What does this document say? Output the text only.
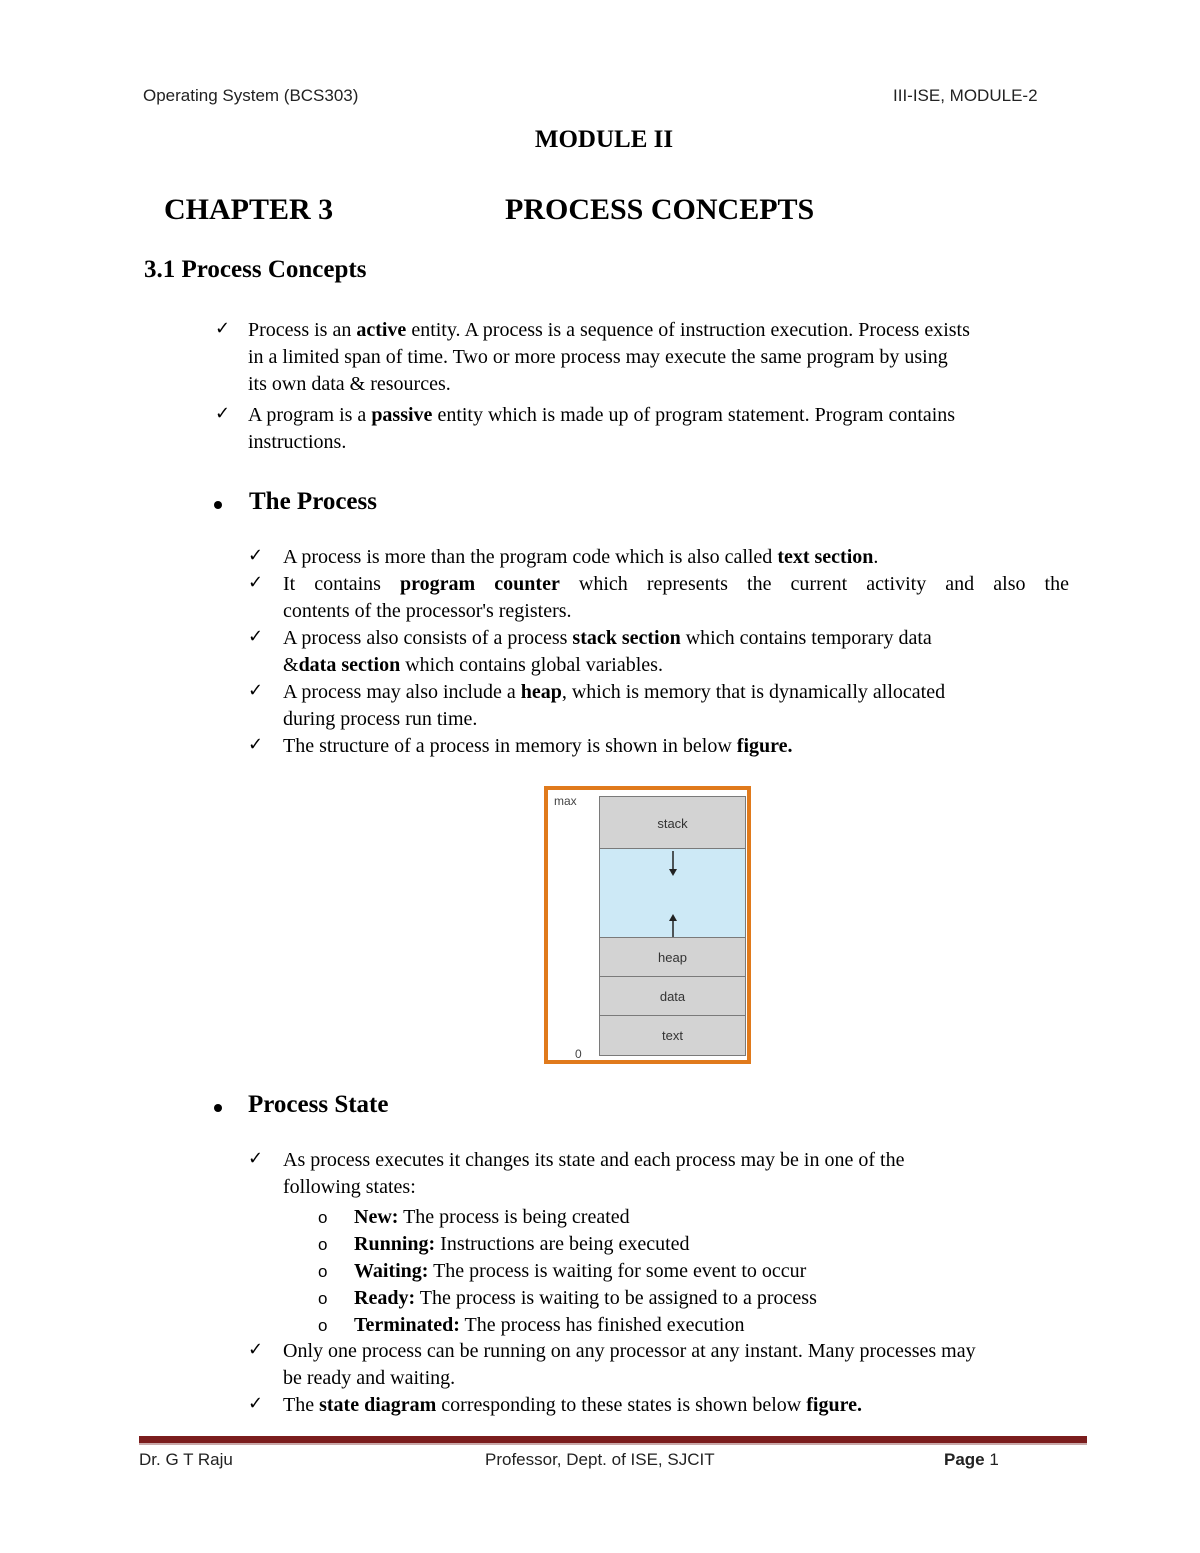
Operating System (BCS303)	III-ISE, MODULE-2
MODULE II
CHAPTER 3	PROCESS CONCEPTS
3.1 Process Concepts
✓ Process is an active entity. A process is a sequence of instruction execution. Process exists
in a limited span of time. Two or more process may execute the same program by using
its own data & resources.
✓ A program is a passive entity which is made up of program statement. Program contains
instructions.
The Process
✓ A process is more than the program code which is also called text section.
✓ It contains program counter which represents the current activity and also the
contents of the processor's registers.
✓ A process also consists of a process stack section which contains temporary data
&data section which contains global variables.
✓ A process may also include a heap, which is memory that is dynamically allocated
during process run time.
✓ The structure of a process in memory is shown in below figure.
max
stack
heap
data
text
0
Process State
✓ As process executes it changes its state and each process may be in one of the
following states:
o New: The process is being created
o Running: Instructions are being executed
o Waiting: The process is waiting for some event to occur
o Ready: The process is waiting to be assigned to a process
o Terminated: The process has finished execution
✓ Only one process can be running on any processor at any instant. Many processes may
be ready and waiting.
✓ The state diagram corresponding to these states is shown below figure.
Dr. G T Raju	Professor, Dept. of ISE, SJCIT	Page 1
